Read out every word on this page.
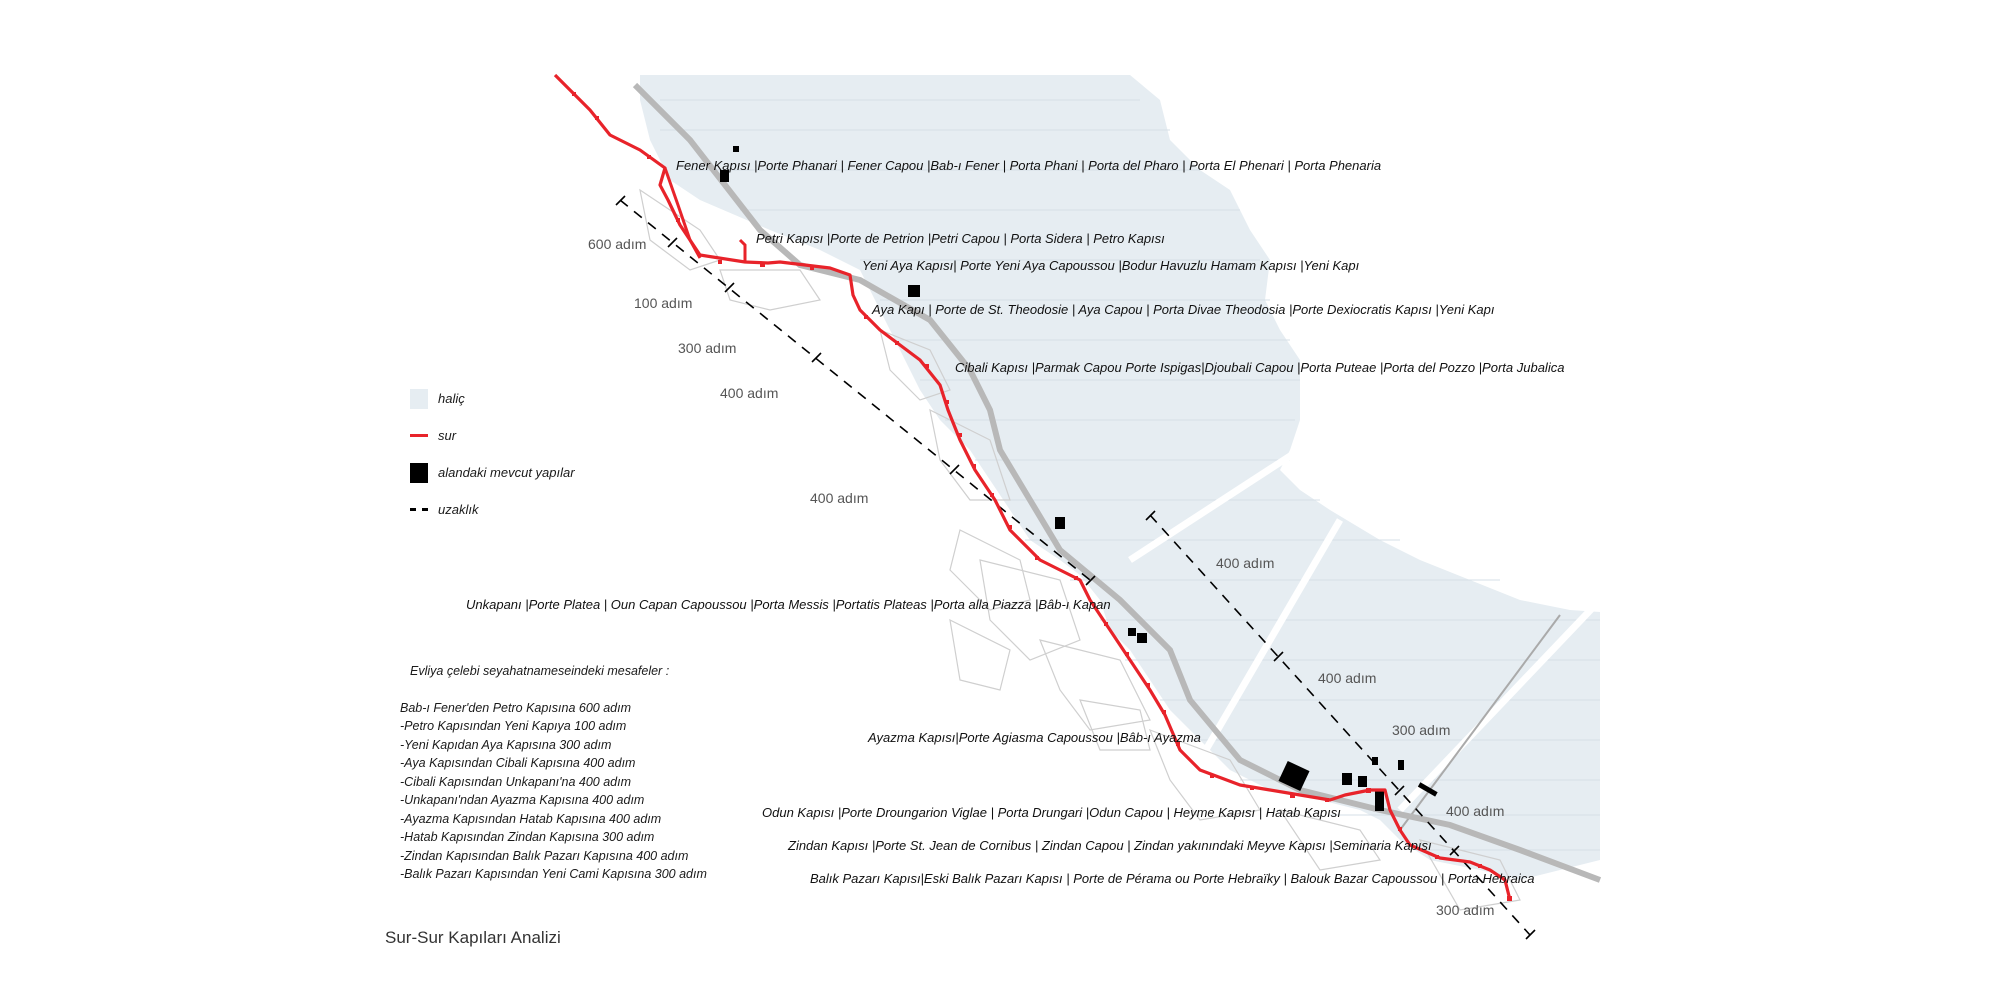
Fener Kapısı |Porte Phanari | Fener Capou |Bab-ı Fener | Porta Phani | Porta del Pharo | Porta El Phenari | Porta Phenaria
Petri Kapısı |Porte de Petrion |Petri Capou | Porta Sidera | Petro Kapısı
Yeni Aya Kapısı| Porte Yeni Aya Capoussou |Bodur Havuzlu Hamam Kapısı |Yeni Kapı
Aya Kapı | Porte de St. Theodosie | Aya Capou | Porta Divae Theodosia |Porte Dexiocratis Kapısı |Yeni Kapı
Cibali Kapısı |Parmak Capou Porte Ispigas|Djoubali Capou |Porta Puteae |Porta del Pozzo |Porta Jubalica
Unkapanı |Porte Platea | Oun Capan Capoussou |Porta Messis |Portatis Plateas |Porta alla Piazza |Bâb-ı Kapan
Ayazma Kapısı|Porte Agiasma Capoussou |Bâb-ı Ayazma
Odun Kapısı |Porte Droungarion Viglae | Porta Drungari |Odun Capou | Heyme Kapısı | Hatab Kapısı
Zindan Kapısı |Porte St. Jean de Cornibus | Zindan Capou | Zindan yakınındaki Meyve Kapısı |Seminaria Kapısı
Balık Pazarı Kapısı|Eski Balık Pazarı Kapısı | Porte de Pérama ou Porte Hebraïky | Balouk Bazar Capoussou | Porta Hebraica
600 adım
100 adım
300 adım
400 adım
400 adım
400 adım
400 adım
300 adım
400 adım
300 adım
haliç
sur
alandaki mevcut yapılar
uzaklık
Evliya çelebi seyahatnameseindeki mesafeler :
Bab-ı Fener'den Petro Kapısına 600 adım
-Petro Kapısından Yeni Kapıya 100 adım
-Yeni Kapıdan Aya Kapısına 300 adım
-Aya Kapısından Cibali Kapısına 400 adım
-Cibali Kapısından Unkapanı'na 400 adım
-Unkapanı'ndan Ayazma Kapısına 400 adım
-Ayazma Kapısından Hatab Kapısına 400 adım
-Hatab Kapısından Zindan Kapısına 300 adım
-Zindan Kapısından Balık Pazarı Kapısına 400 adım
-Balık Pazarı Kapısından Yeni Cami Kapısına 300 adım
Sur-Sur Kapıları Analizi
